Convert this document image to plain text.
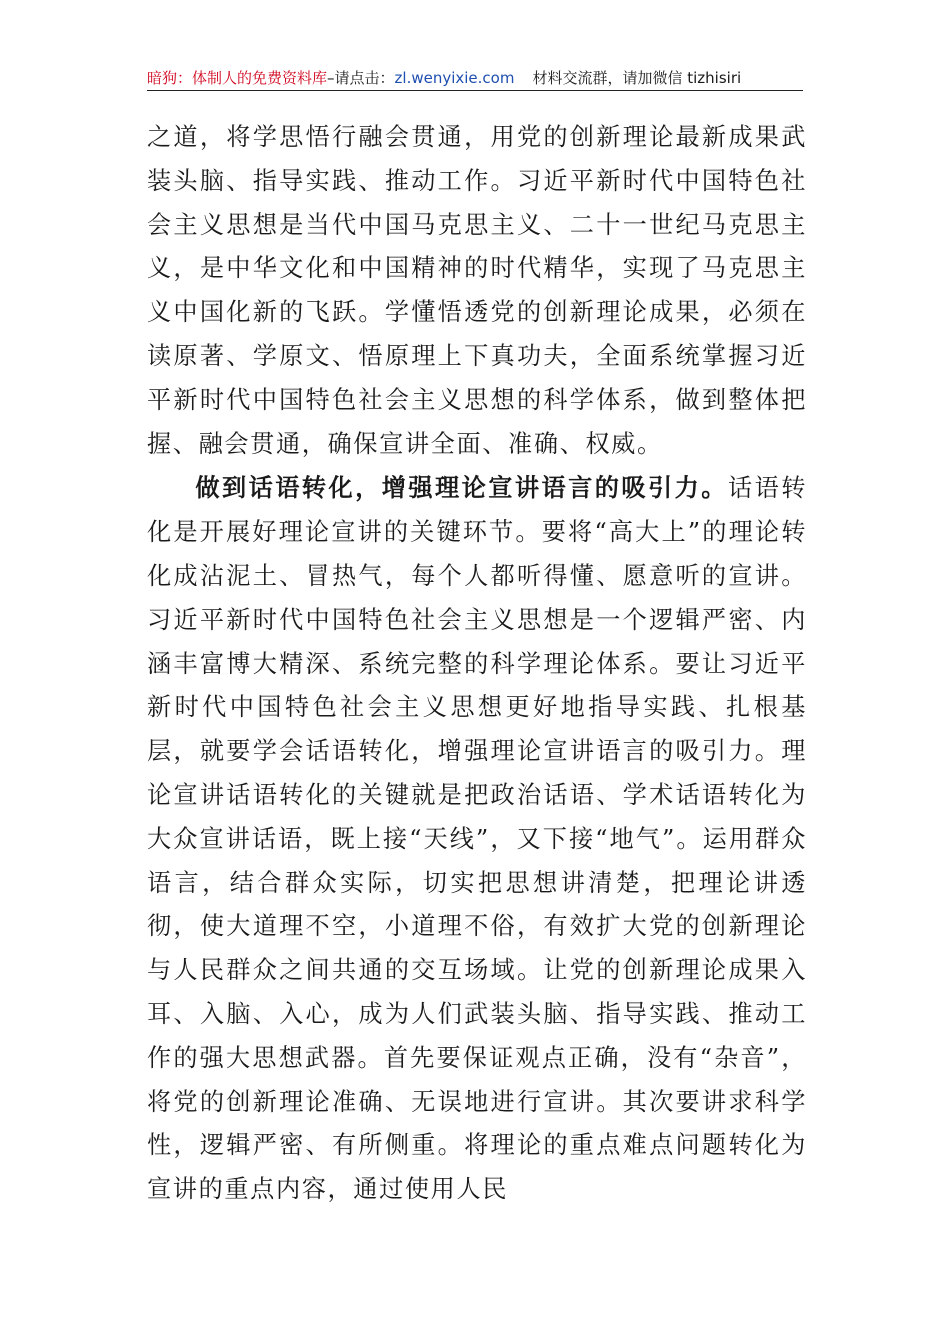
暗狗：体制人的免费资料库–请点击：zl.wenyixie.com 材料交流群，请加微信 tizhisiri

之道，将学思悟行融会贯通，用党的创新理论最新成果武装头脑、指导实践、推动工作。习近平新时代中国特色社会主义思想是当代中国马克思主义、二十一世纪马克思主义，是中华文化和中国精神的时代精华，实现了马克思主义中国化新的飞跃。学懂悟透党的创新理论成果，必须在读原著、学原文、悟原理上下真功夫，全面系统掌握习近平新时代中国特色社会主义思想的科学体系，做到整体把握、融会贯通，确保宣讲全面、准确、权威。

做到话语转化，增强理论宣讲语言的吸引力。话语转化是开展好理论宣讲的关键环节。要将“高大上”的理论转化成沾泥土、冒热气，每个人都听得懂、愿意听的宣讲。习近平新时代中国特色社会主义思想是一个逻辑严密、内涵丰富博大精深、系统完整的科学理论体系。要让习近平新时代中国特色社会主义思想更好地指导实践、扎根基层，就要学会话语转化，增强理论宣讲语言的吸引力。理论宣讲话语转化的关键就是把政治话语、学术话语转化为大众宣讲话语，既上接“天线”，又下接“地气”。运用群众语言，结合群众实际，切实把思想讲清楚，把理论讲透彻，使大道理不空，小道理不俗，有效扩大党的创新理论与人民群众之间共通的交互场域。让党的创新理论成果入耳、入脑、入心，成为人们武装头脑、指导实践、推动工作的强大思想武器。首先要保证观点正确，没有“杂音”，将党的创新理论准确、无误地进行宣讲。其次要讲求科学性，逻辑严密、有所侧重。将理论的重点难点问题转化为宣讲的重点内容，通过使用人民
